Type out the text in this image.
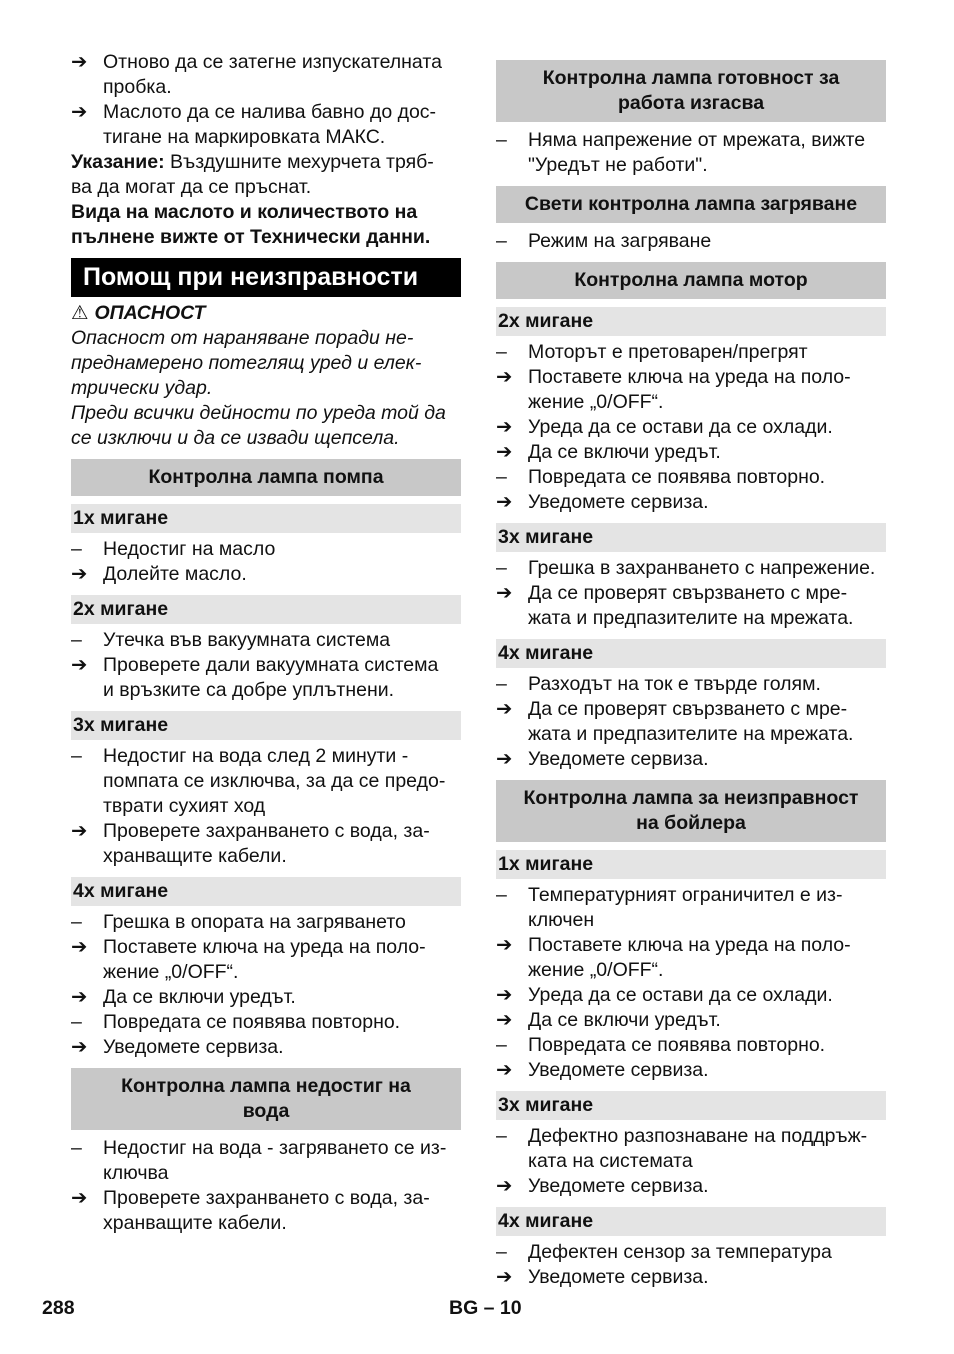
➔ Отново да се затегне изпускателната
пробка.
➔ Маслото да се налива бавно до дос-
тигане на маркировката МАКС.
Указание: Въздушните мехурчета тряб-
ва да могат да се пръснат.
Вида на маслото и количеството на
пълнене вижте от Технически данни.
Помощ при неизправности
⚠ ОПАСНОСТ
Опасност от нараняване поради не-
преднамерено потеглящ уред и елек-
трически удар.
Преди всички дейности по уреда той да
се изключи и да се извади щепсела.
Контролна лампа помпа
1x мигане
–	Недостиг на масло
➔ Долейте масло.
2x мигане
–	Утечка във вакуумната система
➔ Проверете дали вакуумната система
и връзките са добре уплътнени.
3x мигане
–	Недостиг на вода след 2 минути -
помпата се изключва, за да се предо-
тврати сухият ход
➔ Проверете захранването с вода, за-
хранващите кабели.
4x мигане
–	Грешка в опората на загряването
➔ Поставете ключа на уреда на поло-
жение „0/OFF“.
➔ Да се включи уредът.
–	Повредата се появява повторно.
➔ Уведомете сервиза.
Контролна лампа недостиг на
вода
–	Недостиг на вода - загряването се из-
ключва
➔ Проверете захранването с вода, за-
хранващите кабели.
Контролна лампа готовност за
работа изгасва
–	Няма напрежение от мрежата, вижте
"Уредът не работи".
Свети контролна лампа загряване
–	Режим на загряване
Контролна лампа мотор
2x мигане
–	Моторът е претоварен/прегрят
➔ Поставете ключа на уреда на поло-
жение „0/OFF“.
➔ Уреда да се остави да се охлади.
➔ Да се включи уредът.
–	Повредата се появява повторно.
➔ Уведомете сервиза.
3x мигане
–	Грешка в захранването с напрежение.
➔ Да се проверят свързването с мре-
жата и предпазителите на мрежата.
4x мигане
–	Разходът на ток е твърде голям.
➔ Да се проверят свързването с мре-
жата и предпазителите на мрежата.
➔ Уведомете сервиза.
Контролна лампа за неизправност
на бойлера
1x мигане
–	Температурният ограничител е из-
ключен
➔ Поставете ключа на уреда на поло-
жение „0/OFF“.
➔ Уреда да се остави да се охлади.
➔ Да се включи уредът.
–	Повредата се появява повторно.
➔ Уведомете сервиза.
3x мигане
–	Дефектно разпознаване на поддръж-
ката на системата
➔ Уведомете сервиза.
4x мигане
–	Дефектен сензор за температура
➔ Уведомете сервиза.
288	BG – 10
